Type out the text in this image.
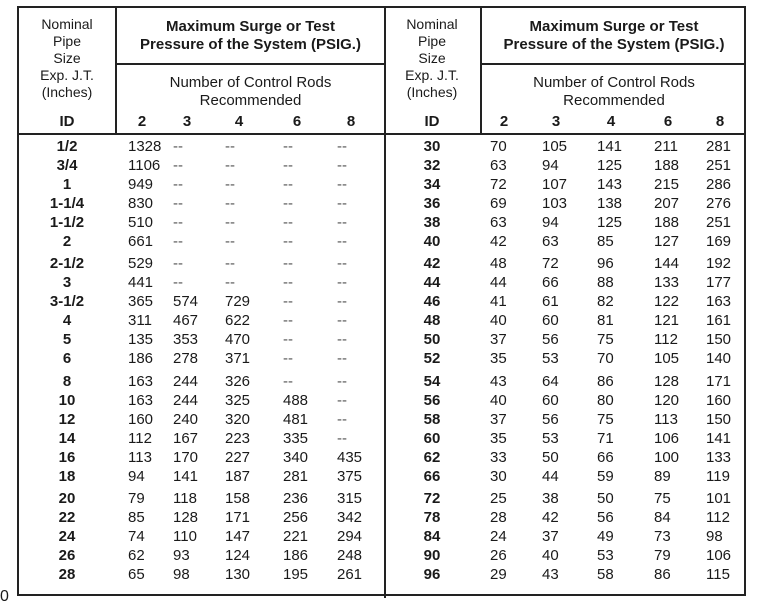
Nominal
Pipe
Size
Exp. J.T.
(Inches)
ID
Maximum Surge or Test
Pressure of the System (PSIG.)
Number of Control Rods
Recommended
2	3	4	6	8
1/2	1328 --	--	--	--
3/4	1106 --	--	--	--
1	949 --	--	--	--
1-1/4	830 --	--	--	--
1-1/2	510 --	--	--	--
2	661 --	--	--	--
2-1/2	529 --	--	--	--
3	441 --	--	--	--
3-1/2	365 574 729 --	--
4	311 467 622 --	--
5	135 353 470 --	--
6	186 278 371 --	--
8	163 244 326 --	--
10	163 244 325 488 --
12	160 240 320 481 --
14	112 167 223 335 --
16	113 170 227 340 435
18	94 141 187 281 375
20	79 118 158 236 315
22	85 128 171 256 342
24	74 110 147 221 294
26	62 93 124 186 248
28	65 98 130 195 261
Nominal
Pipe
Size
Exp. J.T.
(Inches)
ID
Maximum Surge or Test
Pressure of the System (PSIG.)
Number of Control Rods
Recommended
2	3	4	6	8
30	70 105 141 211 281
32	63 94	125 188 251
34	72 107 143 215 286
36	69 103 138 207 276
38	63 94	125 188 251
40	42 63	85	127 169
42	48 72	96	144 192
44	44 66	88	133 177
46	41 61	82	122 163
48	40 60	81	121 161
50	37 56	75	112 150
52	35 53	70	105 140
54	43 64	86	128 171
56	40 60	80	120 160
58	37 56	75	113 150
60	35 53	71	106 141
62	33 50	66	100 133
66	30 44	59	89 119
72	25 38	50	75 101
78	28 42	56	84 112
84	24 37	49	73 98
90	26 40	53	79 106
96	29 43	58	86 115
0
